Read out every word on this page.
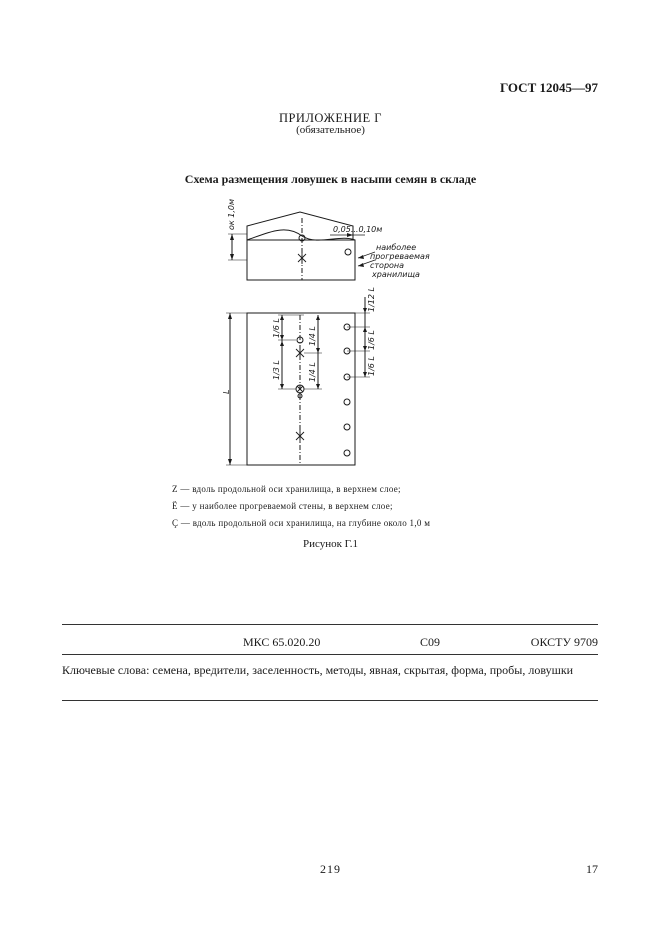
ГОСТ 12045—97
ПРИЛОЖЕНИЕ Г
(обязательное)
Схема размещения ловушек в насыпи семян в складе
ок 1,0м	0,05...0,10м
наиболее
прогреваемая
сторона
хранилища
L
1/6 L
1/3 L
1/4 L
1/4 L
1/12 L
1/6 L
1/6 L
Z — вдоль продольной оси хранилища, в верхнем слое;
Ё — у наиболее прогреваемой стены, в верхнем слое;
Ç — вдоль продольной оси хранилища, на глубине около 1,0 м
Рисунок Г.1
МКС 65.020.20	С09	ОКСТУ 9709
Ключевые слова: семена, вредители, заселенность, методы, явная, скрытая, форма, пробы, ловушки
219	17
